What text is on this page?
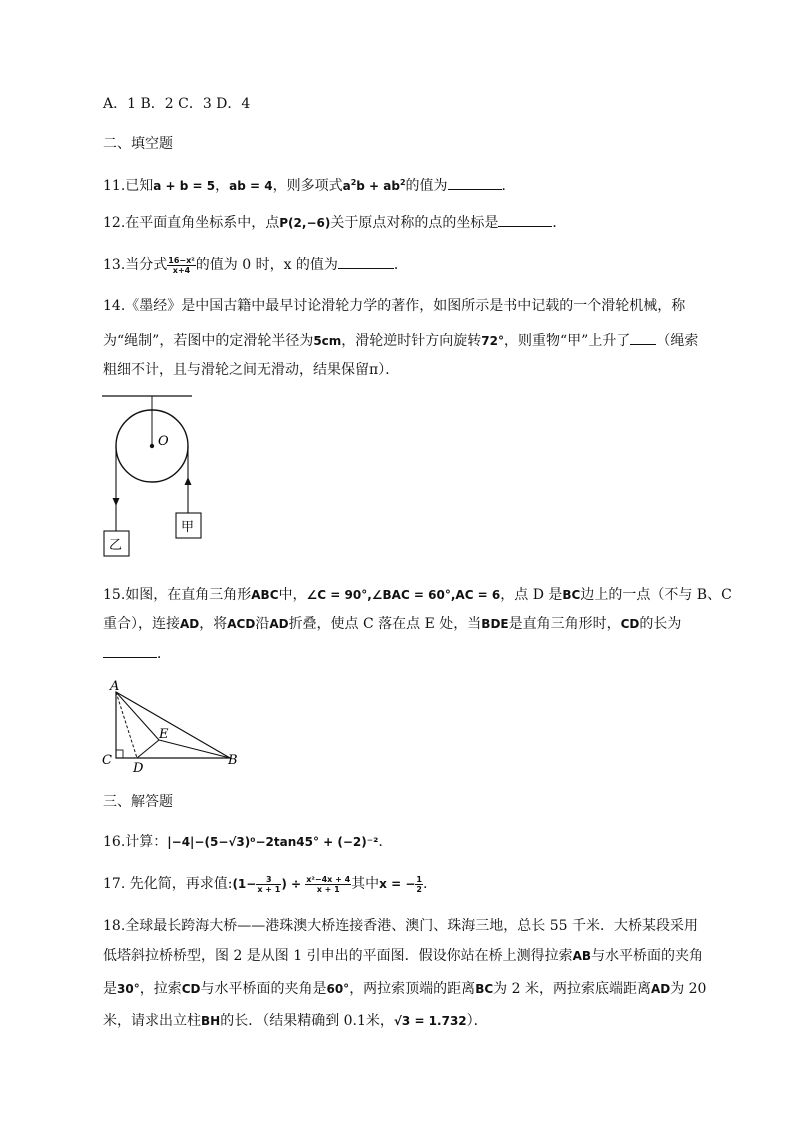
A．1 B．2 C．3 D．4
二、填空题
11.已知a + b = 5，ab = 4，则多项式$a^2b + ab^2$的值为	．
12.在平面直角坐标系中，点P(2,−6)关于原点对称的点的坐标是	．
13.当分式 $\frac{\text{16−x²}}{x+4}$ 的值为 0 时，x 的值为	．
14.《墨经》是中国古籍中最早讨论滑轮力学的著作，如图所示是书中记载的一个滑轮机械，称
为“绳制”，若图中的定滑轮半径为5cm，滑轮逆时针方向旋转72°，则重物“甲”上升了 （绳索
粗细不计，且与滑轮之间无滑动，结果保留π）．
O
乙
甲
15.如图，在直角三角形ABC中，∠C = 90°,∠BAC = 60°,AC = 6，点 D 是BC边上的一点（不与 B、C
重合），连接AD，将ACD沿AD折叠，使点 C 落在点 E 处，当BDE是直角三角形时，CD的长为
．
A
C
D
E
B
三、解答题
16.计算：|−4|−(5−√3)⁰−2tan45° + (−2)⁻².
17. 先化简，再求值:(1− $\frac{3}{x + 1}$ ) ÷ $\frac{\text{x²−4x + 4}}{x + 1}$ 其中x = − $\frac{1}{2}$ .
18.全球最长跨海大桥——港珠澳大桥连接香港、澳门、珠海三地，总长 55 千米．大桥某段采用
低塔斜拉桥桥型，图 2 是从图 1 引申出的平面图．假设你站在桥上测得拉索AB与水平桥面的夹角
是30°，拉索CD与水平桥面的夹角是60°，两拉索顶端的距离BC为 2 米，两拉索底端距离AD为 20
米，请求出立柱BH的长．（结果精确到 0.1米，√3 = 1.732）．
